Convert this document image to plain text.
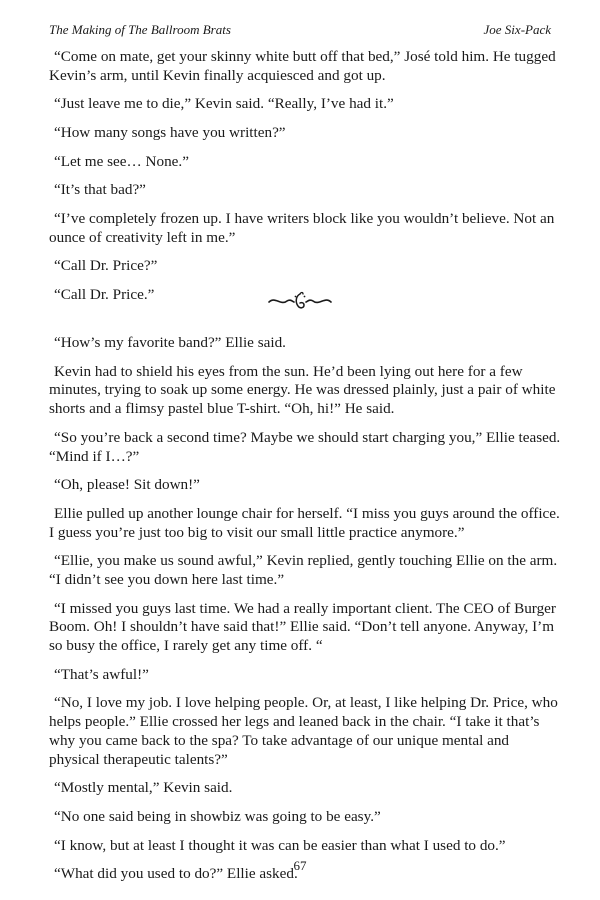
The Making of The Ballroom Brats	Joe Six-Pack

“Come on mate, get your skinny white butt off that bed,” José told him. He tugged Kevin’s arm, until Kevin finally acquiesced and got up.

“Just leave me to die,” Kevin said. “Really, I’ve had it.”

“How many songs have you written?”

“Let me see… None.”

“It’s that bad?”

“I’ve completely frozen up. I have writers block like you wouldn’t believe. Not an ounce of creativity left in me.”

“Call Dr. Price?”

“Call Dr. Price.”

“How’s my favorite band?” Ellie said.

Kevin had to shield his eyes from the sun. He’d been lying out here for a few minutes, trying to soak up some energy. He was dressed plainly, just a pair of white shorts and a flimsy pastel blue T-shirt. “Oh, hi!” He said.

“So you’re back a second time? Maybe we should start charging you,” Ellie teased. “Mind if I…?”

“Oh, please! Sit down!”

Ellie pulled up another lounge chair for herself. “I miss you guys around the office. I guess you’re just too big to visit our small little practice anymore.”

“Ellie, you make us sound awful,” Kevin replied, gently touching Ellie on the arm. “I didn’t see you down here last time.”

“I missed you guys last time. We had a really important client. The CEO of Burger Boom. Oh! I shouldn’t have said that!” Ellie said. “Don’t tell anyone. Anyway, I’m so busy the office, I rarely get any time off. “

“That’s awful!”

“No, I love my job. I love helping people. Or, at least, I like helping Dr. Price, who helps people.” Ellie crossed her legs and leaned back in the chair. “I take it that’s why you came back to the spa? To take advantage of our unique mental and physical therapeutic talents?”

“Mostly mental,” Kevin said.

“No one said being in showbiz was going to be easy.”

“I know, but at least I thought it was can be easier than what I used to do.”

“What did you used to do?” Ellie asked.

67
